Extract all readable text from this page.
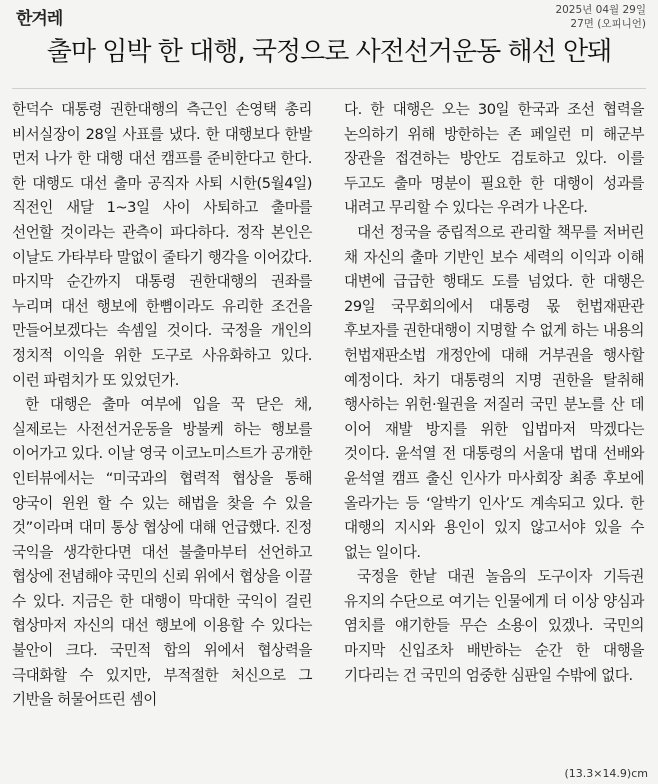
한겨레	2025년 04월 29일
27면 (오피니언)
출마 임박 한 대행, 국정으로 사전선거운동 해선 안돼

한덕수 대통령 권한대행의 측근인 손영택 총리 비서실장이 28일 사표를 냈다. 한 대행보다 한발 먼저 나가 한 대행 대선 캠프를 준비한다고 한다. 한 대행도 대선 출마 공직자 사퇴 시한(5월4일) 직전인 새달 1~3일 사이 사퇴하고 출마를 선언할 것이라는 관측이 파다하다. 정작 본인은 이날도 가타부타 말없이 줄타기 행각을 이어갔다. 마지막 순간까지 대통령 권한대행의 권좌를 누리며 대선 행보에 한뼘이라도 유리한 조건을 만들어보겠다는 속셈일 것이다. 국정을 개인의 정치적 이익을 위한 도구로 사유화하고 있다. 이런 파렴치가 또 있었던가.

한 대행은 출마 여부에 입을 꾹 닫은 채, 실제로는 사전선거운동을 방불케 하는 행보를 이어가고 있다. 이날 영국 이코노미스트가 공개한 인터뷰에서는 “미국과의 협력적 협상을 통해 양국이 윈윈 할 수 있는 해법을 찾을 수 있을 것”이라며 대미 통상 협상에 대해 언급했다. 진정 국익을 생각한다면 대선 불출마부터 선언하고 협상에 전념해야 국민의 신뢰 위에서 협상을 이끌 수 있다. 지금은 한 대행이 막대한 국익이 걸린 협상마저 자신의 대선 행보에 이용할 수 있다는 불안이 크다. 국민적 합의 위에서 협상력을 극대화할 수 있지만, 부적절한 처신으로 그 기반을 허물어뜨린 셈이

다. 한 대행은 오는 30일 한국과 조선 협력을 논의하기 위해 방한하는 존 페일런 미 해군부 장관을 접견하는 방안도 검토하고 있다. 이를 두고도 출마 명분이 필요한 한 대행이 성과를 내려고 무리할 수 있다는 우려가 나온다.

대선 정국을 중립적으로 관리할 책무를 저버린 채 자신의 출마 기반인 보수 세력의 이익과 이해 대변에 급급한 행태도 도를 넘었다. 한 대행은 29일 국무회의에서 대통령 몫 헌법재판관 후보자를 권한대행이 지명할 수 없게 하는 내용의 헌법재판소법 개정안에 대해 거부권을 행사할 예정이다. 차기 대통령의 지명 권한을 탈취해 행사하는 위헌·월권을 저질러 국민 분노를 산 데 이어 재발 방지를 위한 입법마저 막겠다는 것이다. 윤석열 전 대통령의 서울대 법대 선배와 윤석열 캠프 출신 인사가 마사회장 최종 후보에 올라가는 등 ‘알박기 인사’도 계속되고 있다. 한 대행의 지시와 용인이 있지 않고서야 있을 수 없는 일이다.

국정을 한낱 대권 놀음의 도구이자 기득권 유지의 수단으로 여기는 인물에게 더 이상 양심과 염치를 얘기한들 무슨 소용이 있겠나. 국민의 마지막 신입조차 배반하는 순간 한 대행을 기다리는 건 국민의 엄중한 심판일 수밖에 없다.

(13.3×14.9)cm
